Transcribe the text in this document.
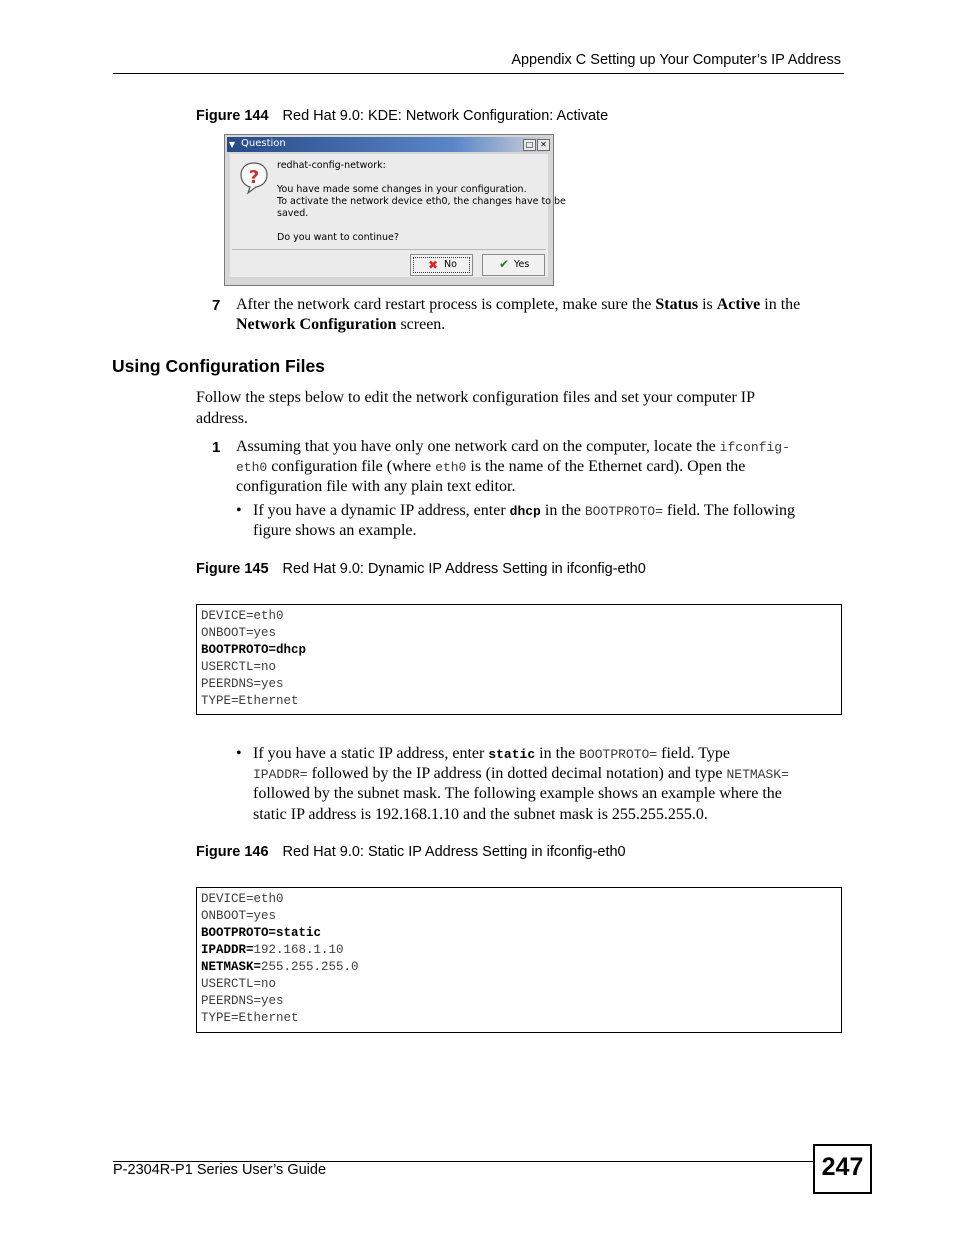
Appendix C Setting up Your Computer’s IP Address
Figure 144 Red Hat 9.0: KDE: Network Configuration: Activate
▼ Question	□ ✕
?
redhat-config-network:
You have made some changes in your configuration.
To activate the network device eth0, the changes have to be
saved.
Do you want to continue?
✖ No	✔ Yes
7 After the network card restart process is complete, make sure the Status is Active in the
Network Configuration screen.
Using Configuration Files
Follow the steps below to edit the network configuration files and set your computer IP
address.
1 Assuming that you have only one network card on the computer, locate the ifconfig-
eth0 configuration file (where eth0 is the name of the Ethernet card). Open the
configuration file with any plain text editor.
• If you have a dynamic IP address, enter dhcp in the BOOTPROTO= field. The following
figure shows an example.
Figure 145 Red Hat 9.0: Dynamic IP Address Setting in ifconfig-eth0
DEVICE=eth0
ONBOOT=yes
BOOTPROTO=dhcp
USERCTL=no
PEERDNS=yes
TYPE=Ethernet
• If you have a static IP address, enter static in the BOOTPROTO= field. Type
IPADDR= followed by the IP address (in dotted decimal notation) and type NETMASK=
followed by the subnet mask. The following example shows an example where the
static IP address is 192.168.1.10 and the subnet mask is 255.255.255.0.
Figure 146 Red Hat 9.0: Static IP Address Setting in ifconfig-eth0
DEVICE=eth0
ONBOOT=yes
BOOTPROTO=static
IPADDR=192.168.1.10
NETMASK=255.255.255.0
USERCTL=no
PEERDNS=yes
TYPE=Ethernet
P-2304R-P1 Series User’s Guide	247
